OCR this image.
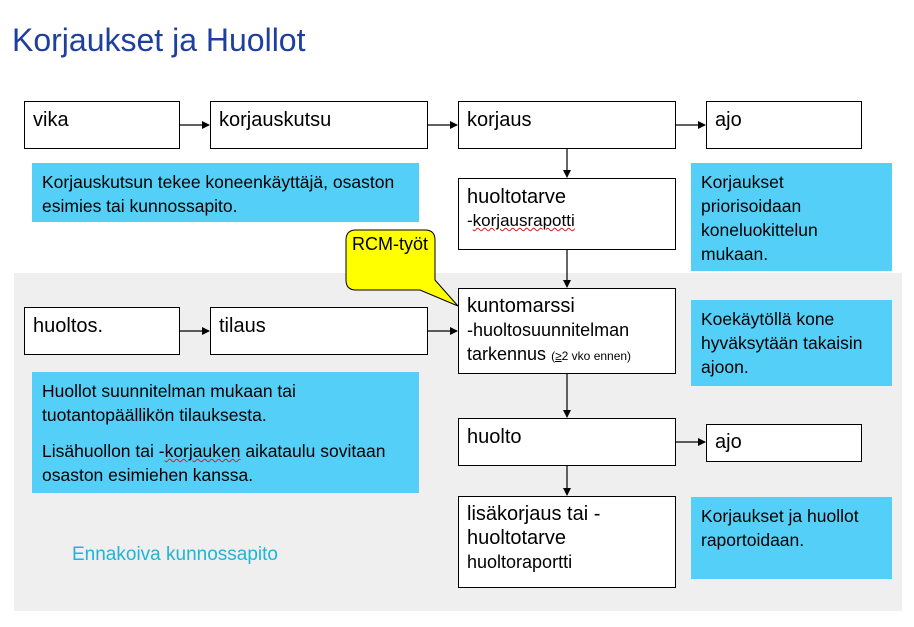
Korjaukset ja Huollot
vika	korjauskutsu	korjaus	ajo

Korjauskutsun tekee koneenkäyttäjä, osaston esimies tai kunnossapito.

Korjaukset priorisoidaan koneluokittelun mukaan.

huoltotarve
-korjausrapotti
huoltos.	tilaus
kuntomarssi
-huoltosuunnitelman
tarkennus (≥2 vko ennen)

Koekäytöllä kone hyväksytään takaisin ajoon.

Huollot suunnitelman mukaan tai tuotantopäällikön tilauksesta.

Lisähuollon tai -korjauken aikataulu sovitaan osaston esimiehen kanssa.

huolto	ajo
lisäkorjaus tai -
huoltotarve
huoltoraportti

Korjaukset ja huollot raportoidaan.

Ennakoiva kunnossapito
RCM-työt
